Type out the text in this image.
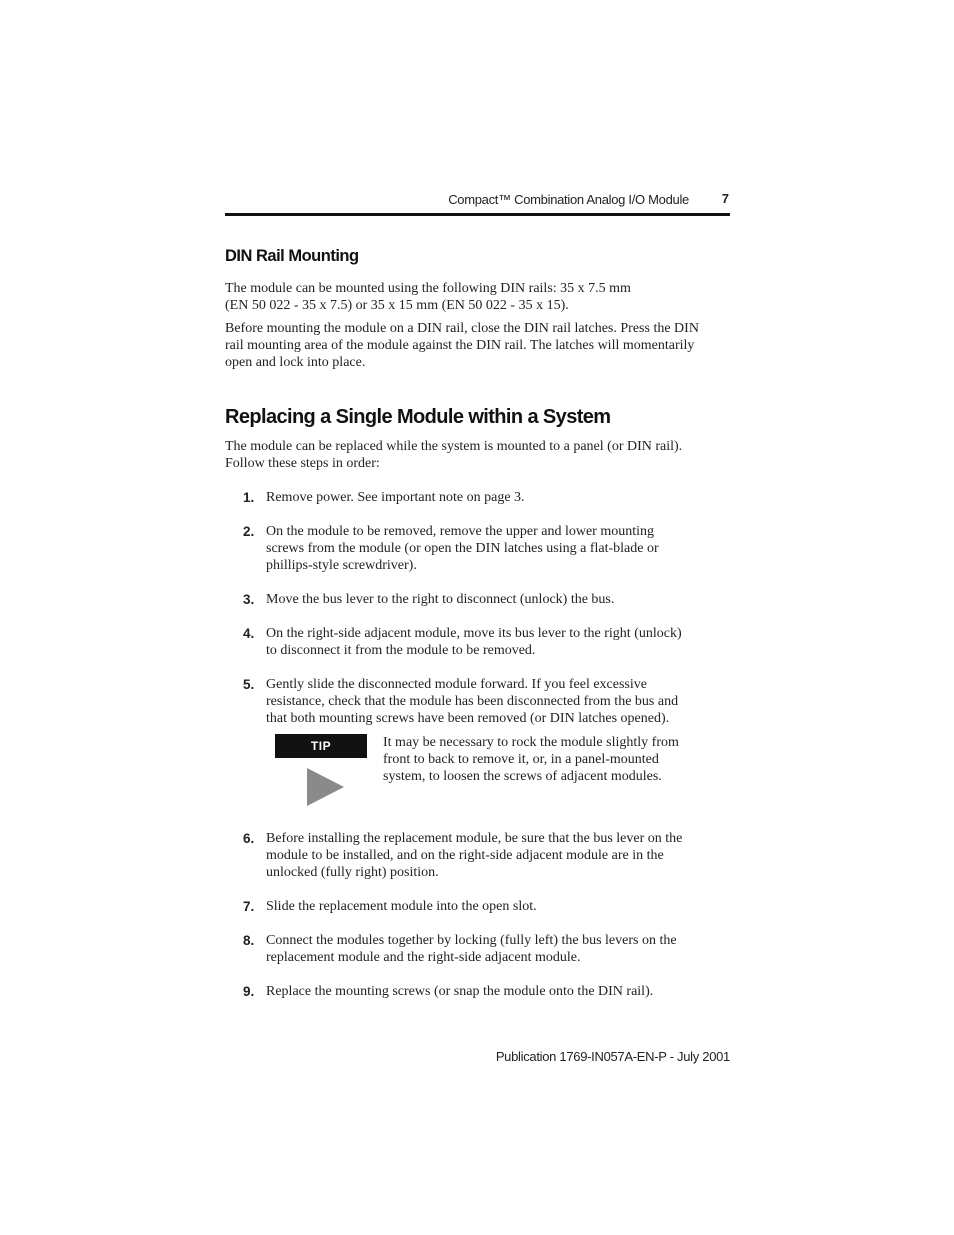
Compact™ Combination Analog I/O Module	7
DIN Rail Mounting

The module can be mounted using the following DIN rails: 35 x 7.5 mm
(EN 50 022 - 35 x 7.5) or 35 x 15 mm (EN 50 022 - 35 x 15).

Before mounting the module on a DIN rail, close the DIN rail latches. Press the DIN
rail mounting area of the module against the DIN rail. The latches will momentarily
open and lock into place.

Replacing a Single Module within a System

The module can be replaced while the system is mounted to a panel (or DIN rail).
Follow these steps in order:

1. Remove power. See important note on page 3.
2. On the module to be removed, remove the upper and lower mounting
screws from the module (or open the DIN latches using a flat-blade or
phillips-style screwdriver).
3. Move the bus lever to the right to disconnect (unlock) the bus.
4. On the right-side adjacent module, move its bus lever to the right (unlock)
to disconnect it from the module to be removed.
5. Gently slide the disconnected module forward. If you feel excessive
resistance, check that the module has been disconnected from the bus and
that both mounting screws have been removed (or DIN latches opened).
TIP	It may be necessary to rock the module slightly from
front to back to remove it, or, in a panel-mounted
system, to loosen the screws of adjacent modules.
6. Before installing the replacement module, be sure that the bus lever on the
module to be installed, and on the right-side adjacent module are in the
unlocked (fully right) position.
7. Slide the replacement module into the open slot.
8. Connect the modules together by locking (fully left) the bus levers on the
replacement module and the right-side adjacent module.
9. Replace the mounting screws (or snap the module onto the DIN rail).
Publication 1769-IN057A-EN-P - July 2001
